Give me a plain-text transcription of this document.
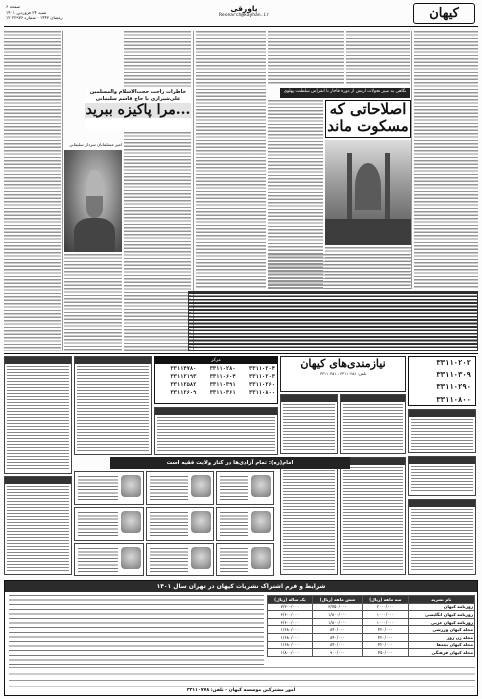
صفحه ۶
شنبه ۲۴ فروردین ۱۴۰۱
۱۲ رمضان ۱۴۴۳ - شماره ۲۲۹۷۶
پاورقی
Research@kayhan.ir	کیهان
نگاهی به سیر تحولات ارتش از دوره قاجار تا انقراض سلطنت پهلوی
اصلاحاتی که مسکوت ماند
خاطرات راحت حجت‌الاسلام والمسلمین علی‌شیرازی با حاج قاسم سلیمانی
مرا پاکیزه ببرید...
امیر مسلمانان سردار سلیمانی
نیازمندی‌های کیهان
تلفن: ۳۳۱۱۰۲۵۱ - ۳۳۱۱۰۳۵۱
مرکز
۳۳۱۱۴۷۸۰	۳۳۱۱۰۲۸۰	۳۳۱۱۰۲۰۴
۳۳۱۱۲۱۹۳	۳۳۱۱۰۶۰۴	۳۳۱۱۰۲۰۳
۳۳۱۱۲۵۸۲	۳۳۱۱۰۳۹۱	۳۳۱۱۰۲۶۰
۳۳۱۱۲۶۰۹	۳۳۱۱۰۳۶۱	۳۳۱۱۰۸۰۰
۳۳۱۱۰۲۰۲
۳۳۱۱۰۳۰۹
۳۳۱۱۰۲۹۰
۳۳۱۱۰۸۰۰

امام(ره): تمام آزادی‌ها در کنار ولایت فقیه است
شرایط و فرم اشتراک نشریات کیهان در تهران سال ۱۴۰۱
یک ساله (ریال)	شش ماهه (ریال)	سه ماهه (ریال)	نام نشریه
۷/۳۰۰/۰۰۰	۳/۷۵۰/۰۰۰	۲۰۰۰/۰۰۰	روزنامه کیهان
۳/۶۰۰/۰۰۰	۱/۸۰۰/۰۰۰	۱۰۰۰/۰۰۰	روزنامه کیهان انگلیسی
۳/۶۰۰/۰۰۰	۱/۸۰۰/۰۰۰	۱۰۰۰/۰۰۰	روزنامه کیهان عربی
۱/۶۸۰/۰۰۰	۸۴۰/۰۰۰	۴۲۰/۰۰۰	مجله کیهان ورزشی
۱/۶۸۰/۰۰۰	۸۴۰/۰۰۰	۴۲۰/۰۰۰	مجله زن روز
۱/۶۸۰/۰۰۰	۸۴۰/۰۰۰	۴۲۰/۰۰۰	مجله کیهان بچه‌ها
۱/۸۰۰/۰۰۰	۹۰۰/۰۰۰	۴۵۰/۰۰۰	مجله کیهان فرهنگی
امور مشترکین موسسه کیهان - تلفن: ۳۳۱۱۰۷۷۸
